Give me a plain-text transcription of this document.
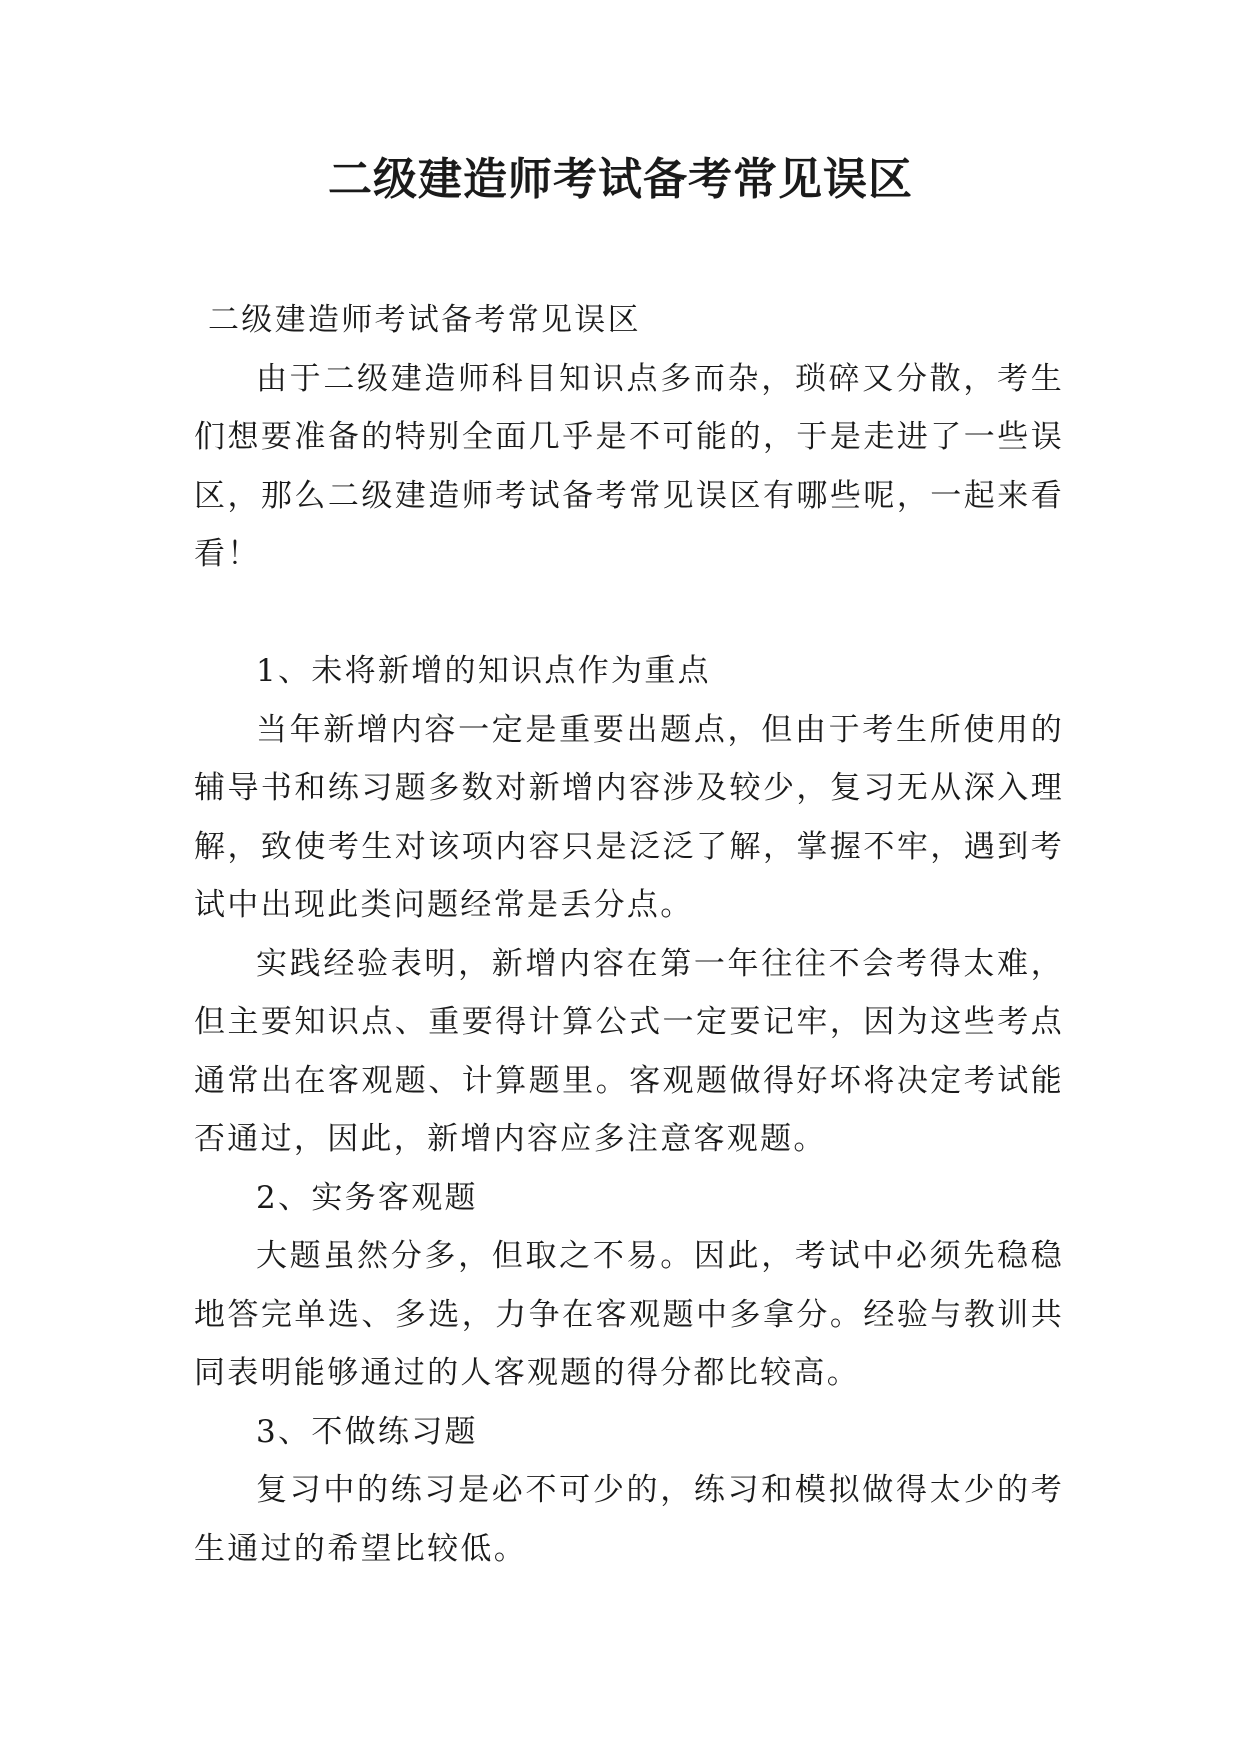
二级建造师考试备考常见误区

二级建造师考试备考常见误区

由于二级建造师科目知识点多而杂，琐碎又分散，考生们想要准备的特别全面几乎是不可能的，于是走进了一些误区，那么二级建造师考试备考常见误区有哪些呢，一起来看看！

1、未将新增的知识点作为重点

当年新增内容一定是重要出题点，但由于考生所使用的辅导书和练习题多数对新增内容涉及较少，复习无从深入理解，致使考生对该项内容只是泛泛了解，掌握不牢，遇到考试中出现此类问题经常是丢分点。

实践经验表明，新增内容在第一年往往不会考得太难，但主要知识点、重要得计算公式一定要记牢，因为这些考点通常出在客观题、计算题里。客观题做得好坏将决定考试能否通过，因此，新增内容应多注意客观题。

2、实务客观题

大题虽然分多，但取之不易。因此，考试中必须先稳稳地答完单选、多选，力争在客观题中多拿分。经验与教训共同表明能够通过的人客观题的得分都比较高。

3、不做练习题

复习中的练习是必不可少的，练习和模拟做得太少的考生通过的希望比较低。
